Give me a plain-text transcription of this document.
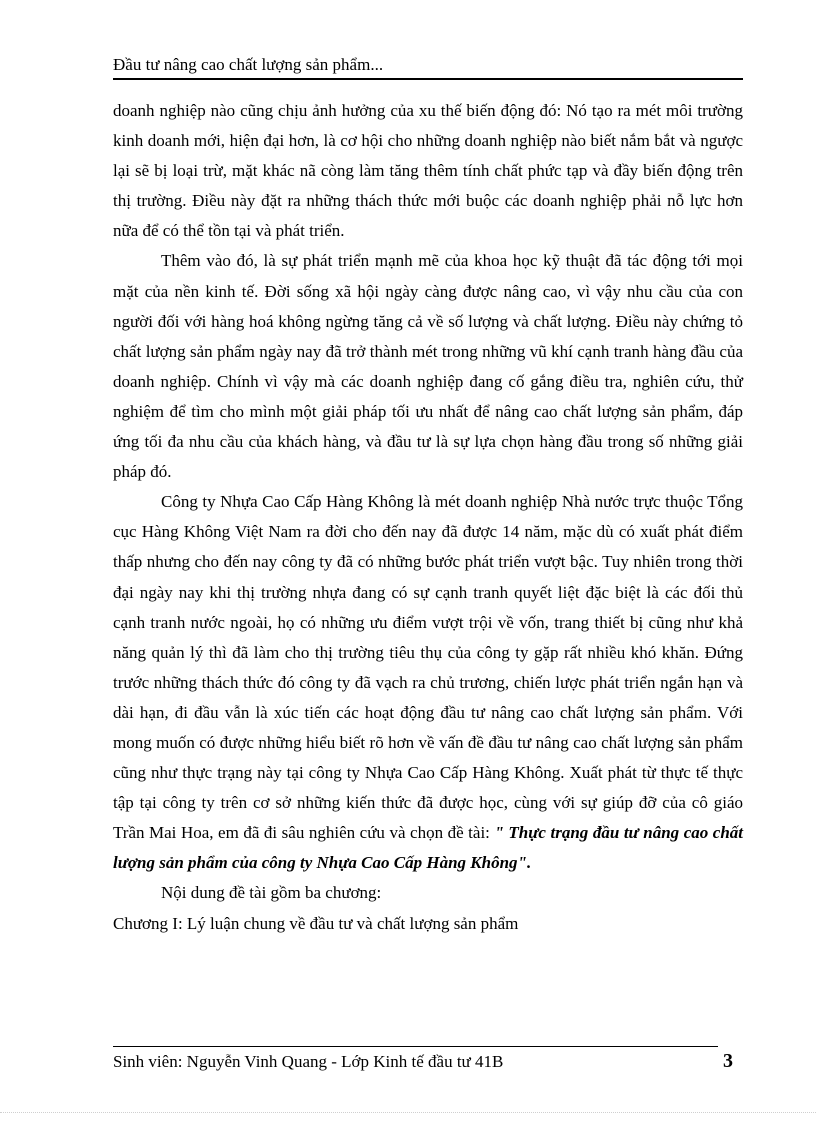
Đầu tư nâng cao chất lượng sản phẩm...

doanh nghiệp nào cũng chịu ảnh hưởng của xu thế biến động đó: Nó tạo ra mét môi trường kinh doanh mới, hiện đại hơn, là cơ hội cho những doanh nghiệp nào biết nắm bắt và ngược lại sẽ bị loại trừ, mặt khác nã còng làm tăng thêm tính chất phức tạp và đầy biến động trên thị trường. Điều này đặt ra những thách thức mới buộc các doanh nghiệp phải nỗ lực hơn nữa để có thể tồn tại và phát triển.

Thêm vào đó, là sự phát triển mạnh mẽ của khoa học kỹ thuật đã tác động tới mọi mặt của nền kinh tế. Đời sống xã hội ngày càng được nâng cao, vì vậy nhu cầu của con người đối với hàng hoá không ngừng tăng cả về số lượng và chất lượng. Điều này chứng tỏ chất lượng sản phẩm ngày nay đã trở thành mét trong những vũ khí cạnh tranh hàng đầu của doanh nghiệp. Chính vì vậy mà các doanh nghiệp đang cố gắng điều tra, nghiên cứu, thử nghiệm để tìm cho mình một giải pháp tối ưu nhất để nâng cao chất lượng sản phẩm, đáp ứng tối đa nhu cầu của khách hàng, và đầu tư là sự lựa chọn hàng đầu trong số những giải pháp đó.

Công ty Nhựa Cao Cấp Hàng Không là mét doanh nghiệp Nhà nước trực thuộc Tổng cục Hàng Không Việt Nam ra đời cho đến nay đã được 14 năm, mặc dù có xuất phát điểm thấp nhưng cho đến nay công ty đã có những bước phát triển vượt bậc. Tuy nhiên trong thời đại ngày nay khi thị trường nhựa đang có sự cạnh tranh quyết liệt đặc biệt là các đối thủ cạnh tranh nước ngoài, họ có những ưu điểm vượt trội về vốn, trang thiết bị cũng như khả năng quản lý thì đã làm cho thị trường tiêu thụ của công ty gặp rất nhiều khó khăn. Đứng trước những thách thức đó công ty đã vạch ra chủ trương, chiến lược phát triển ngắn hạn và dài hạn, đi đầu vẫn là xúc tiến các hoạt động đầu tư nâng cao chất lượng sản phẩm. Với mong muốn có được những hiểu biết rõ hơn về vấn đề đầu tư nâng cao chất lượng sản phẩm cũng như thực trạng này tại công ty Nhựa Cao Cấp Hàng Không. Xuất phát từ thực tế thực tập tại công ty trên cơ sở những kiến thức đã được học, cùng với sự giúp đỡ của cô giáo Trần Mai Hoa, em đã đi sâu nghiên cứu và chọn đề tài: " Thực trạng đầu tư nâng cao chất lượng sản phẩm của công ty Nhựa Cao Cấp Hàng Không".

Nội dung đề tài gồm ba chương:

Chương I: Lý luận chung về đầu tư và chất lượng sản phẩm

Sinh viên: Nguyễn Vinh Quang - Lớp Kinh tế đầu tư 41B	3
